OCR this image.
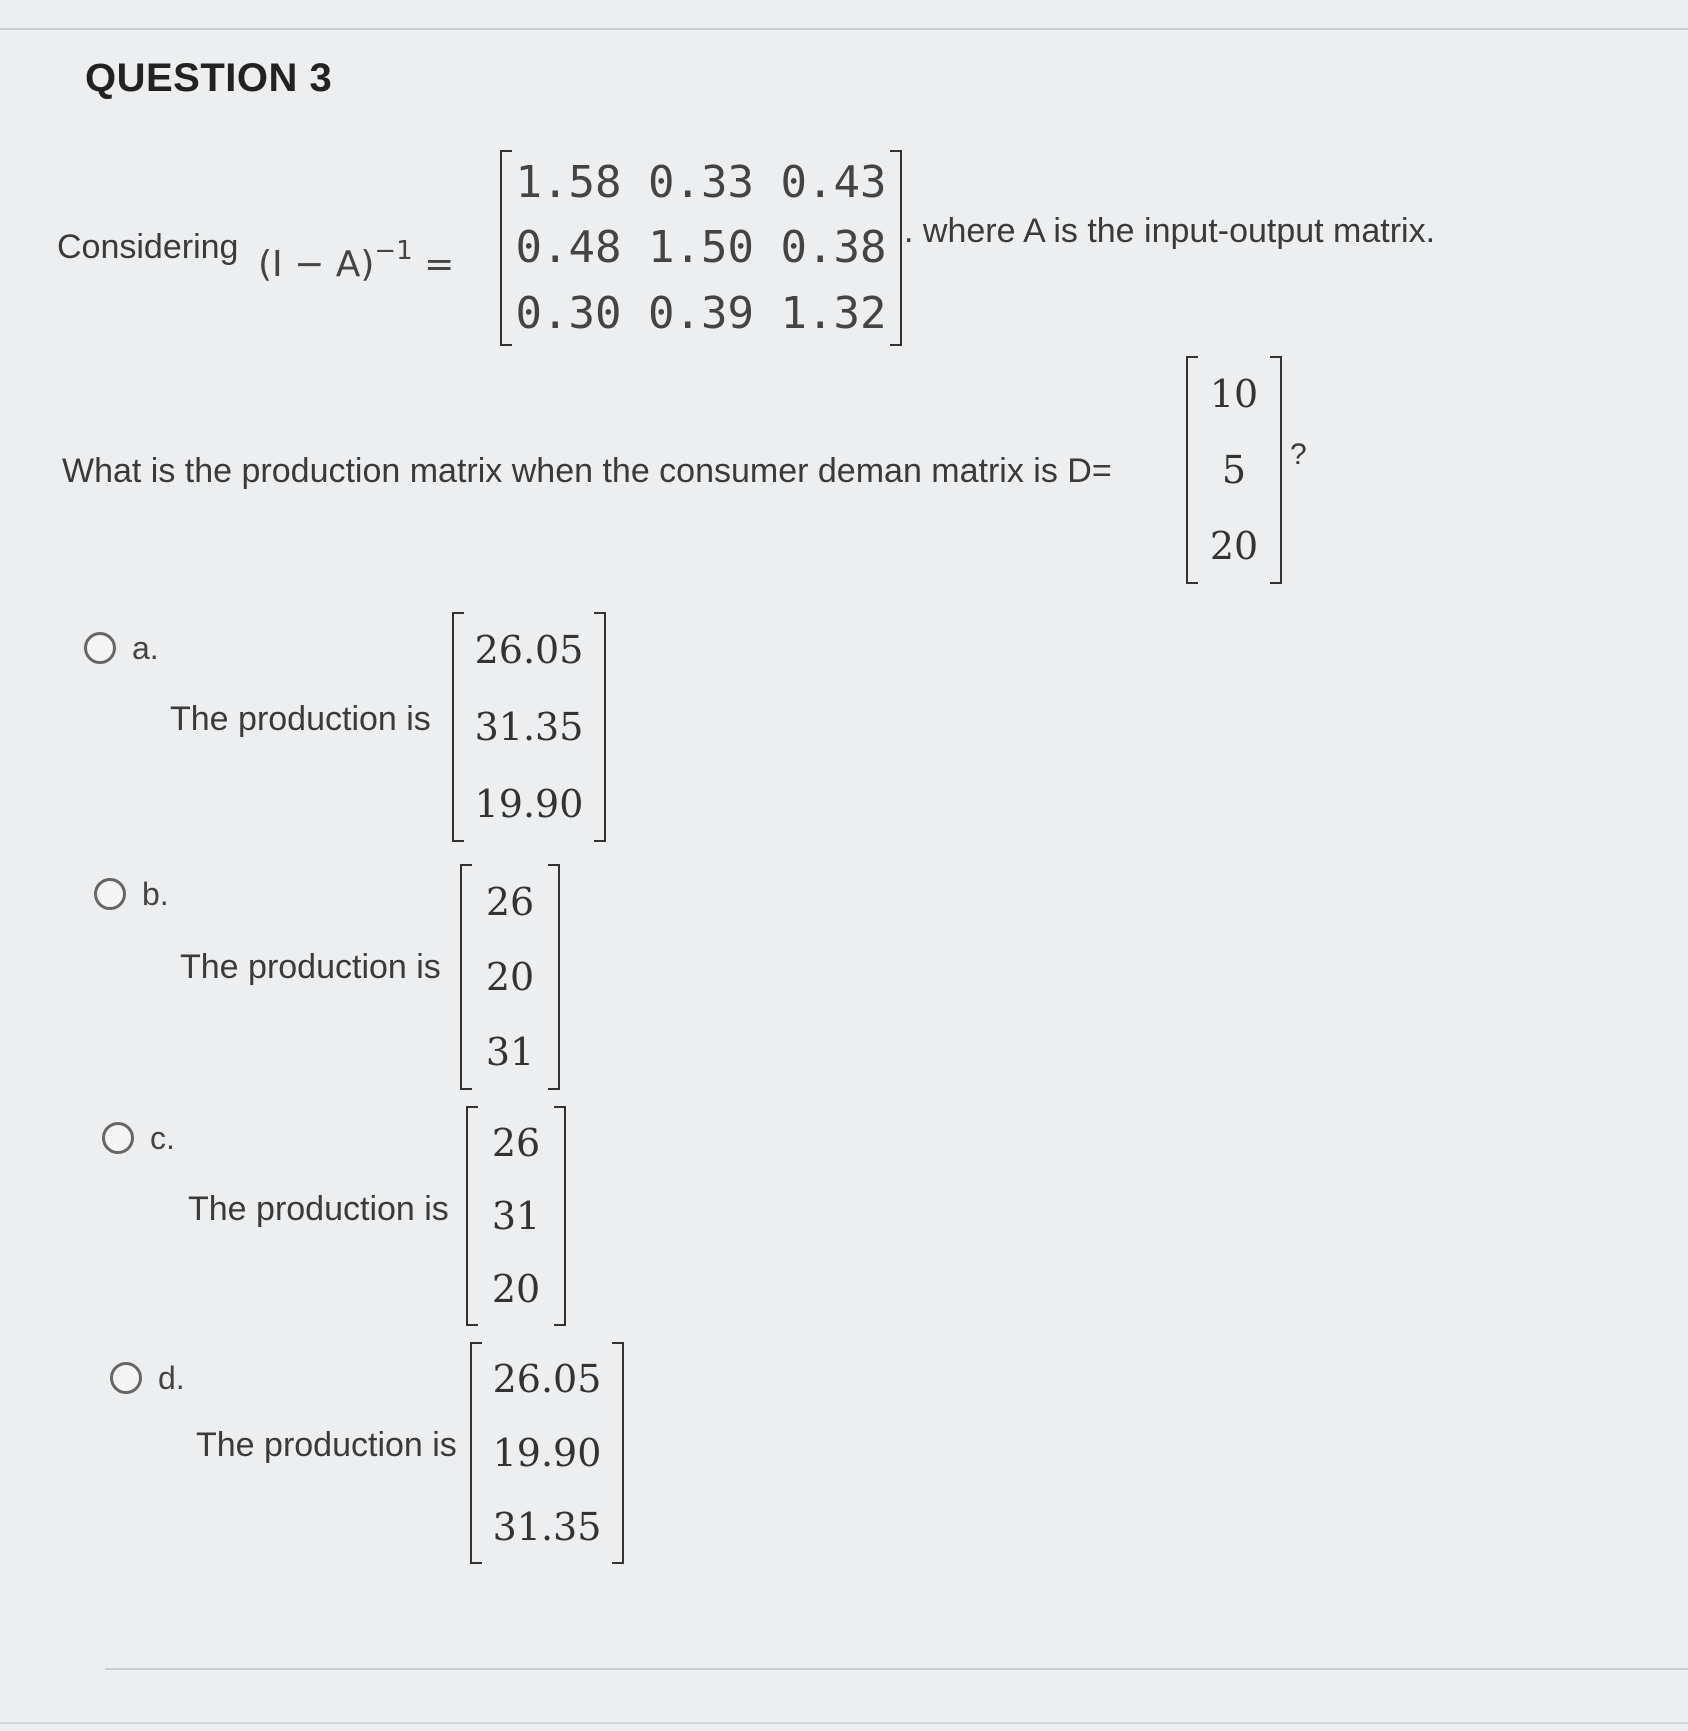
QUESTION 3
Considering $(I - A)^{-1}$ =
1.58 0.33 0.43
0.48 1.50 0.38
0.30 0.39 1.32
. where A is the input-output matrix.
What is the production matrix when the consumer deman matrix is D=
10
5
20
?
a.
The production is
26.05
31.35
19.90
b.
The production is
26
20
31
c.
The production is
26
31
20
d.
The production is
26.05
19.90
31.35
